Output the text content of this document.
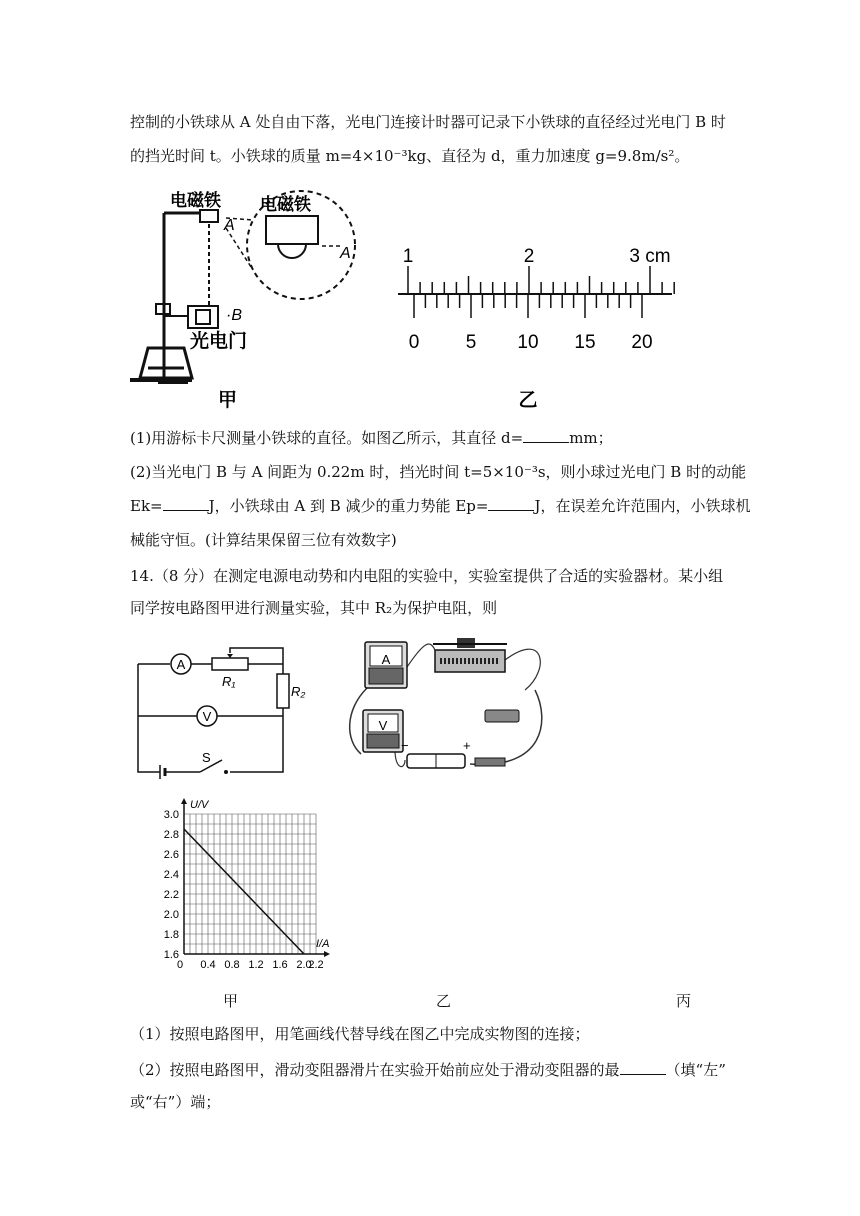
控制的小铁球从 A 处自由下落，光电门连接计时器可记录下小铁球的直径经过光电门 B 时
的挡光时间 t。小铁球的质量 m=4×10⁻³kg、直径为 d，重力加速度 g=9.8m/s²。
电磁铁
A
·B
光电门
电磁铁
A
甲
1	2	3 cm
0 5 10 15 20
乙
(1)用游标卡尺测量小铁球的直径。如图乙所示，其直径 d=	mm；
(2)当光电门 B 与 A 间距为 0.22m 时，挡光时间 t=5×10⁻³s，则小球过光电门 B 时的动能
Ek=	J，小铁球由 A 到 B 减少的重力势能 Ep=	J，在误差允许范围内，小铁球机
械能守恒。(计算结果保留三位有效数字)
14.（8 分）在测定电源电动势和内电阻的实验中，实验室提供了合适的实验器材。某小组
同学按电路图甲进行测量实验，其中 R₂为保护电阻，则
A
R₁
R₂
V
S
A
V
−	+
U/V
I/A
3.0
2.8
2.6
2.4
2.2
2.0
1.8
1.6
0 0.4 0.8 1.2 1.6 2.0
2.2
甲	乙	丙
（1）按照电路图甲，用笔画线代替导线在图乙中完成实物图的连接；
（2）按照电路图甲，滑动变阻器滑片在实验开始前应处于滑动变阻器的最	（填“左”
或“右”）端；
